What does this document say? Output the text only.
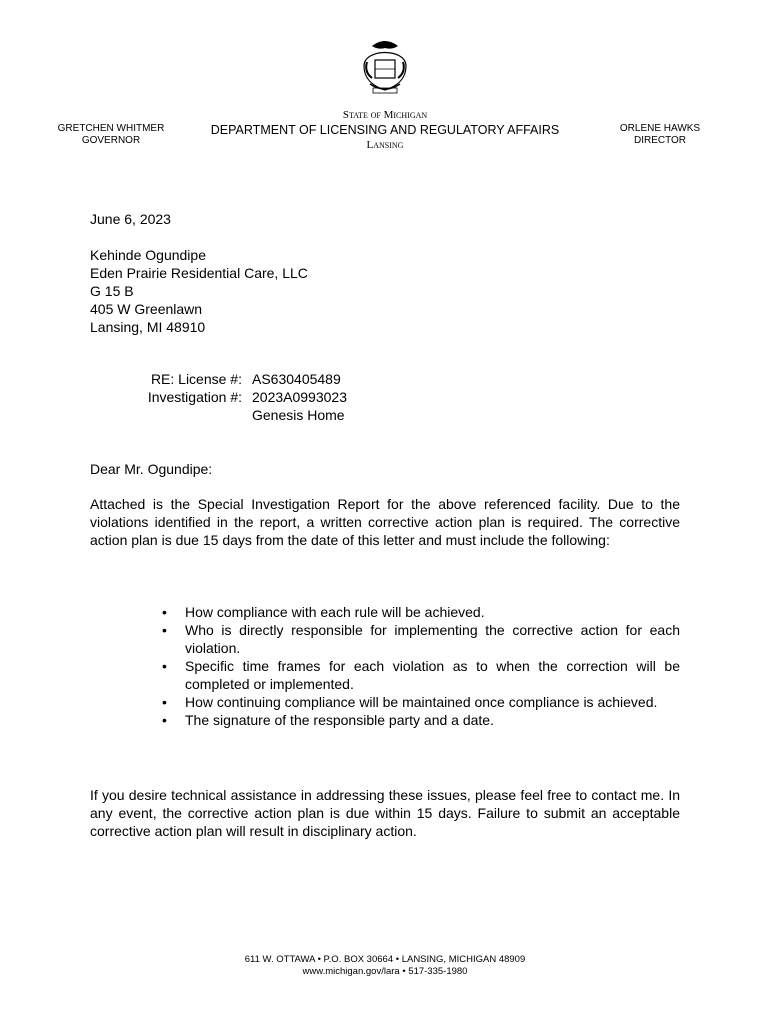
GRETCHEN WHITMER
GOVERNOR
State of Michigan
DEPARTMENT OF LICENSING AND REGULATORY AFFAIRS
Lansing
ORLENE HAWKS
DIRECTOR
June 6, 2023
Kehinde Ogundipe
Eden Prairie Residential Care, LLC
G 15 B
405 W Greenlawn
Lansing, MI 48910
RE: License #: AS630405489
Investigation #: 2023A0993023
Genesis Home
Dear Mr. Ogundipe:
Attached is the Special Investigation Report for the above referenced facility. Due to the violations identified in the report, a written corrective action plan is required. The corrective action plan is due 15 days from the date of this letter and must include the following:
• How compliance with each rule will be achieved.
• Who is directly responsible for implementing the corrective action for each violation.
• Specific time frames for each violation as to when the correction will be completed or implemented.
• How continuing compliance will be maintained once compliance is achieved.
• The signature of the responsible party and a date.
If you desire technical assistance in addressing these issues, please feel free to contact me. In any event, the corrective action plan is due within 15 days. Failure to submit an acceptable corrective action plan will result in disciplinary action.
611 W. OTTAWA • P.O. BOX 30664 • LANSING, MICHIGAN 48909
www.michigan.gov/lara • 517-335-1980
